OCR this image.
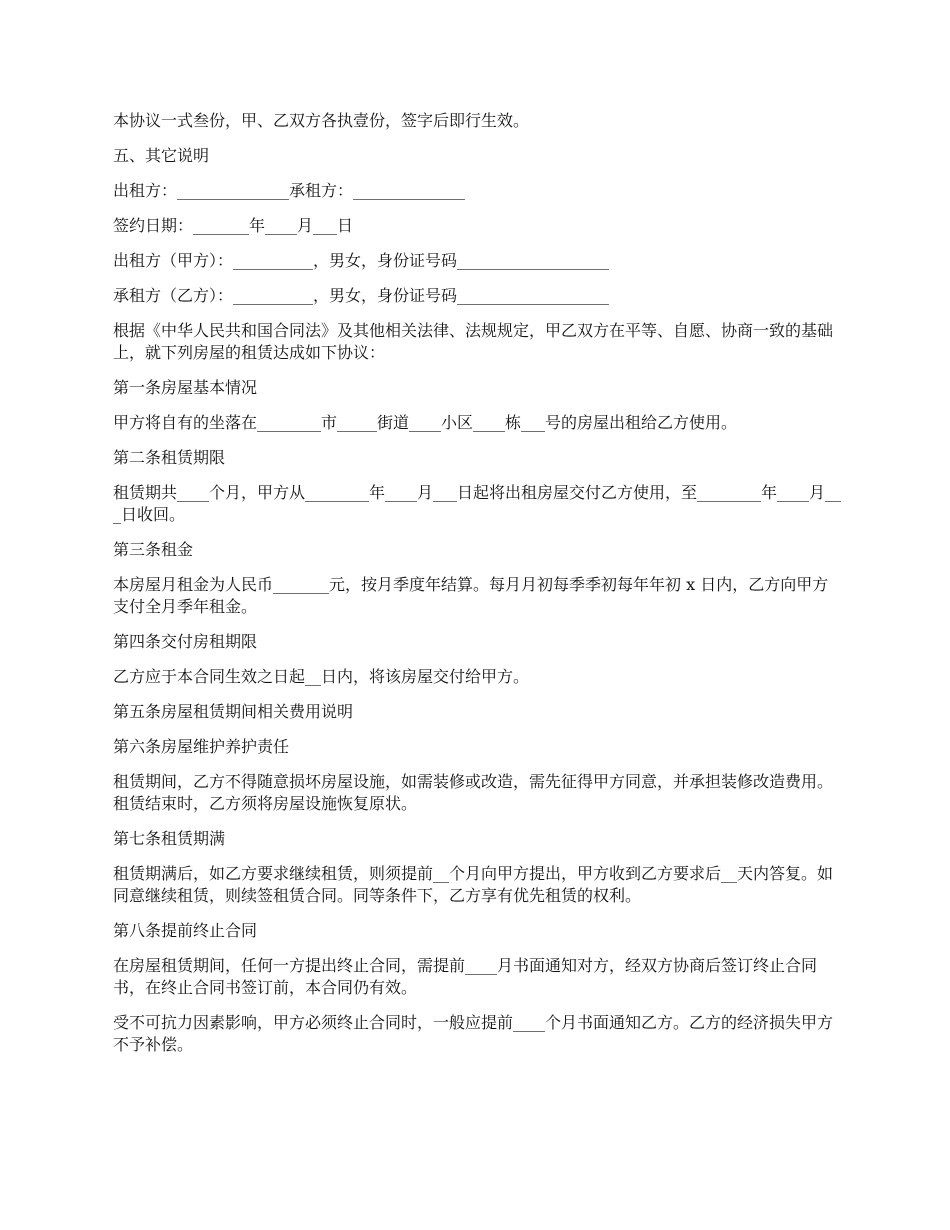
本协议一式叁份，甲、乙双方各执壹份，签字后即行生效。

五、其它说明

出租方：______________承租方：______________

签约日期：_______年____月___日

出租方（甲方）：__________，男女，身份证号码___________________

承租方（乙方）：__________，男女，身份证号码___________________

根据《中华人民共和国合同法》及其他相关法律、法规规定，甲乙双方在平等、自愿、协商一致的基础上，就下列房屋的租赁达成如下协议：

第一条房屋基本情况

甲方将自有的坐落在________市_____街道____小区____栋___号的房屋出租给乙方使用。

第二条租赁期限

租赁期共____个月，甲方从________年____月___日起将出租房屋交付乙方使用，至________年____月___日收回。

第三条租金

本房屋月租金为人民币_______元，按月季度年结算。每月月初每季季初每年年初 x 日内，乙方向甲方支付全月季年租金。

第四条交付房租期限

乙方应于本合同生效之日起__日内，将该房屋交付给甲方。

第五条房屋租赁期间相关费用说明

第六条房屋维护养护责任

租赁期间，乙方不得随意损坏房屋设施，如需装修或改造，需先征得甲方同意，并承担装修改造费用。租赁结束时，乙方须将房屋设施恢复原状。

第七条租赁期满

租赁期满后，如乙方要求继续租赁，则须提前__个月向甲方提出，甲方收到乙方要求后__天内答复。如同意继续租赁，则续签租赁合同。同等条件下，乙方享有优先租赁的权利。

第八条提前终止合同

在房屋租赁期间，任何一方提出终止合同，需提前____月书面通知对方，经双方协商后签订终止合同书，在终止合同书签订前，本合同仍有效。

受不可抗力因素影响，甲方必须终止合同时，一般应提前____个月书面通知乙方。乙方的经济损失甲方不予补偿。
